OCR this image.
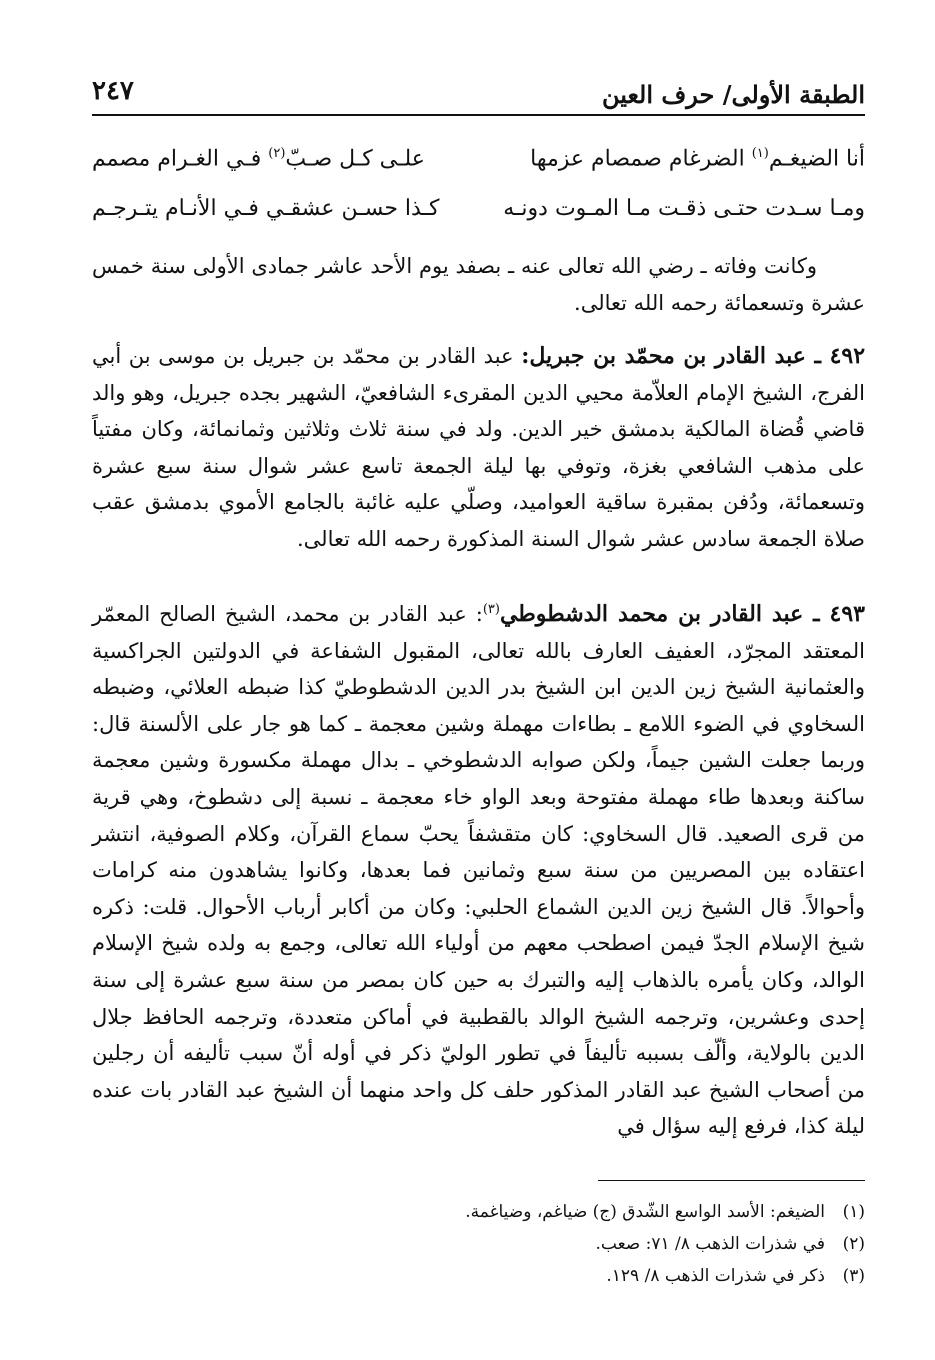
الطبقة الأولى/ حرف العين
٢٤٧
أنا الضيغـم$^{(١)}$ الضرغام صمصام عزمها
علـى كـل صـبّ$^{(٢)}$ فـي الغـرام مصمم
ومـا سـدت حتـى ذقـت مـا المـوت دونـه
كـذا حسـن عشقـي فـي الأنـام يتـرجـم
وكانت وفاته ـ رضي الله تعالى عنه ـ بصفد يوم الأحد عاشر جمادى الأولى سنة خمس عشرة وتسعمائة رحمه الله تعالى.
٤٩٢ ـ عبد القادر بن محمّد بن جبريل: عبد القادر بن محمّد بن جبريل بن موسى بن أبي الفرج، الشيخ الإمام العلاّمة محيي الدين المقرىء الشافعيّ، الشهير بجده جبريل، وهو والد قاضي قُضاة المالكية بدمشق خير الدين. ولد في سنة ثلاث وثلاثين وثمانمائة، وكان مفتياً على مذهب الشافعي بغزة، وتوفي بها ليلة الجمعة تاسع عشر شوال سنة سبع عشرة وتسعمائة، ودُفن بمقبرة ساقية العواميد، وصلّي عليه غائبة بالجامع الأموي بدمشق عقب صلاة الجمعة سادس عشر شوال السنة المذكورة رحمه الله تعالى.
٤٩٣ ـ عبد القادر بن محمد الدشطوطي$^{(٣)}$: عبد القادر بن محمد، الشيخ الصالح المعمّر المعتقد المجرّد، العفيف العارف بالله تعالى، المقبول الشفاعة في الدولتين الجراكسية والعثمانية الشيخ زين الدين ابن الشيخ بدر الدين الدشطوطيّ كذا ضبطه العلائي، وضبطه السخاوي في الضوء اللامع ـ بطاءات مهملة وشين معجمة ـ كما هو جار على الألسنة قال: وربما جعلت الشين جيماً، ولكن صوابه الدشطوخي ـ بدال مهملة مكسورة وشين معجمة ساكنة وبعدها طاء مهملة مفتوحة وبعد الواو خاء معجمة ـ نسبة إلى دشطوخ، وهي قرية من قرى الصعيد. قال السخاوي: كان متقشفاً يحبّ سماع القرآن، وكلام الصوفية، انتشر اعتقاده بين المصريين من سنة سبع وثمانين فما بعدها، وكانوا يشاهدون منه كرامات وأحوالاً. قال الشيخ زين الدين الشماع الحلبي: وكان من أكابر أرباب الأحوال. قلت: ذكره شيخ الإسلام الجدّ فيمن اصطحب معهم من أولياء الله تعالى، وجمع به ولده شيخ الإسلام الوالد، وكان يأمره بالذهاب إليه والتبرك به حين كان بمصر من سنة سبع عشرة إلى سنة إحدى وعشرين، وترجمه الشيخ الوالد بالقطبية في أماكن متعددة، وترجمه الحافظ جلال الدين بالولاية، وألّف بسببه تأليفاً في تطور الوليّ ذكر في أوله أنّ سبب تأليفه أن رجلين من أصحاب الشيخ عبد القادر المذكور حلف كل واحد منهما أن الشيخ عبد القادر بات عنده ليلة كذا، فرفع إليه سؤال في
(١)الضيغم: الأسد الواسع الشّدق (ج) ضياغم، وضياغمة.
(٢)في شذرات الذهب ٨/ ٧١: صعب.
(٣)ذكر في شذرات الذهب ٨/ ١٢٩.
